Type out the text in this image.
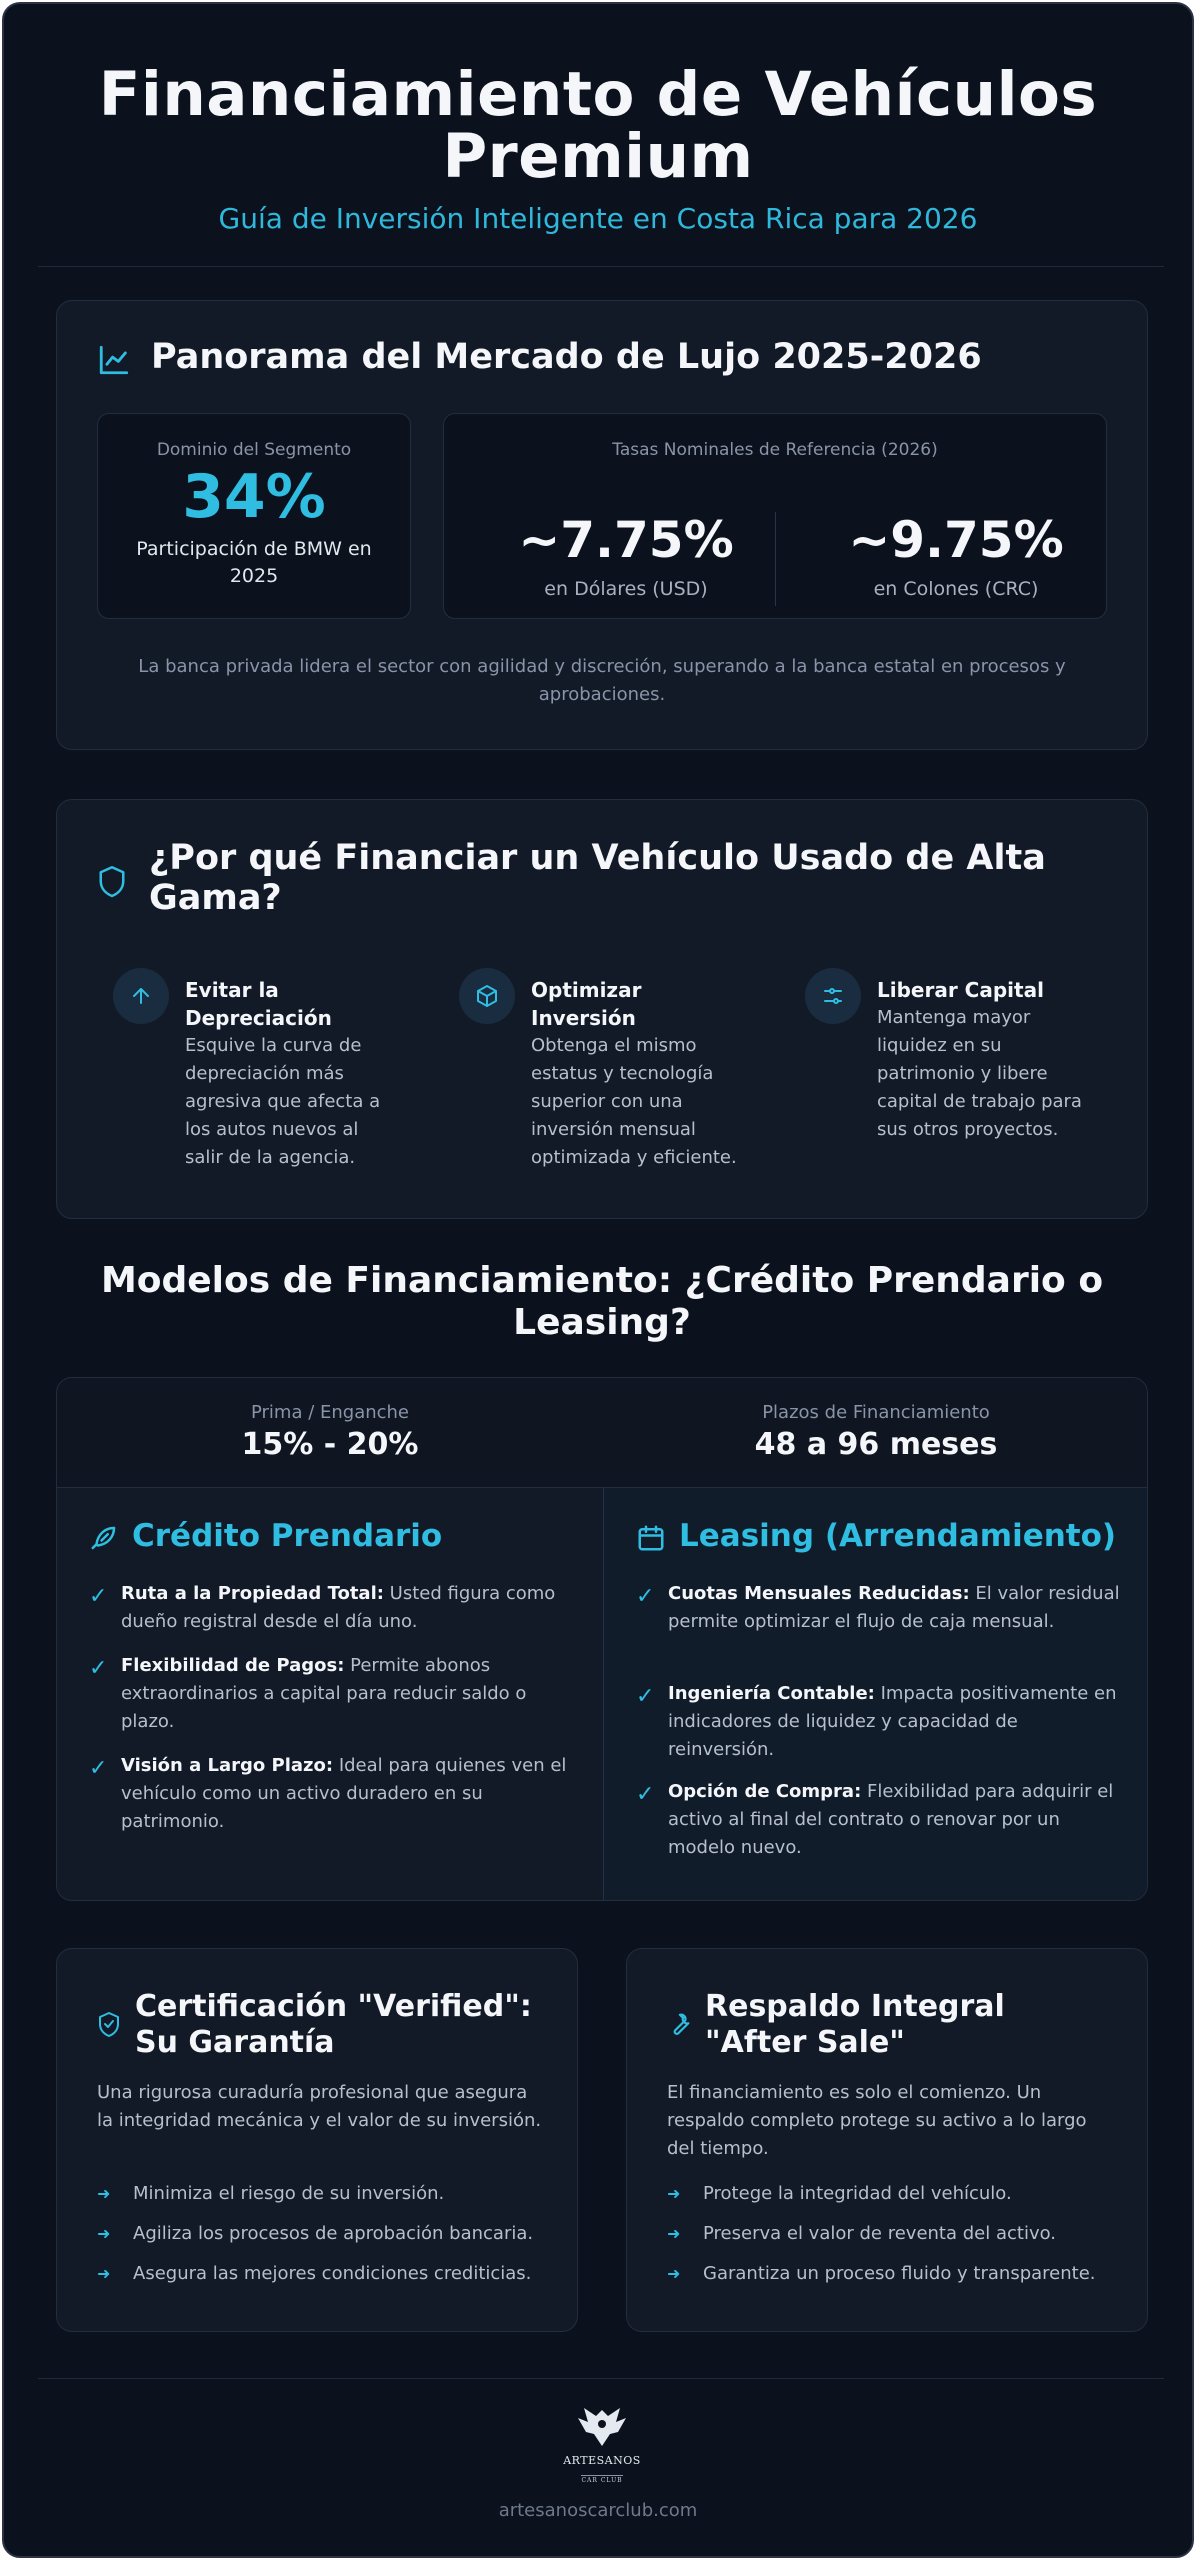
Financiamiento de Vehículos
Premium
Guía de Inversión Inteligente en Costa Rica para 2026
Panorama del Mercado de Lujo 2025-2026
Dominio del Segmento
34%
Participación de BMW en
2025
Tasas Nominales de Referencia (2026)
~7.75%
en Dólares (USD)
~9.75%
en Colones (CRC)
La banca privada lidera el sector con agilidad y discreción, superando a la banca estatal en procesos y
aprobaciones.
¿Por qué Financiar un Vehículo Usado de Alta
Gama?
Evitar la Depreciación
Esquive la curva de depreciación más agresiva que afecta a los autos nuevos al salir de la agencia.
Optimizar Inversión
Obtenga el mismo estatus y tecnología superior con una inversión mensual optimizada y eficiente.
Liberar Capital
Mantenga mayor liquidez en su patrimonio y libere capital de trabajo para sus otros proyectos.
Modelos de Financiamiento: ¿Crédito Prendario o
Leasing?
Prima / Enganche
15% - 20%
Plazos de Financiamiento
48 a 96 meses
Crédito Prendario
✓ Ruta a la Propiedad Total: Usted figura como dueño registral desde el día uno.
✓ Flexibilidad de Pagos: Permite abonos extraordinarios a capital para reducir saldo o plazo.
✓ Visión a Largo Plazo: Ideal para quienes ven el vehículo como un activo duradero en su patrimonio.
Leasing (Arrendamiento)
✓ Cuotas Mensuales Reducidas: El valor residual permite optimizar el flujo de caja mensual.
✓ Ingeniería Contable: Impacta positivamente en indicadores de liquidez y capacidad de reinversión.
✓ Opción de Compra: Flexibilidad para adquirir el activo al final del contrato o renovar por un modelo nuevo.
Certificación "Verified":
Su Garantía
Una rigurosa curaduría profesional que asegura la integridad mecánica y el valor de su inversión.
➜ Minimiza el riesgo de su inversión.
➜ Agiliza los procesos de aprobación bancaria.
➜ Asegura las mejores condiciones crediticias.
Respaldo Integral
"After Sale"
El financiamiento es solo el comienzo. Un respaldo completo protege su activo a lo largo del tiempo.
➜ Protege la integridad del vehículo.
➜ Preserva el valor de reventa del activo.
➜ Garantiza un proceso fluido y transparente.
ARTESANOS
CAR CLUB
artesanoscarclub.com
